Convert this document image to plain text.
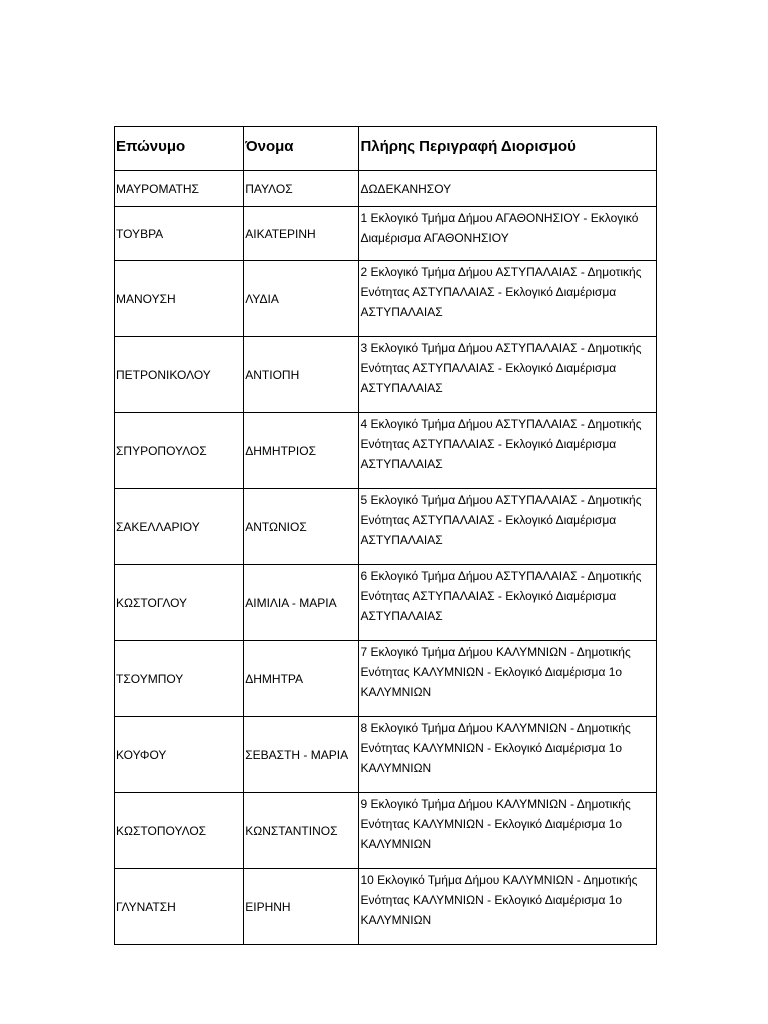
Επώνυμο	Όνομα	Πλήρης Περιγραφή Διορισμού
ΜΑΥΡΟΜΑΤΗΣ	ΠΑΥΛΟΣ	ΔΩΔΕΚΑΝΗΣΟΥ
ΤΟΥΒΡΑ	ΑΙΚΑΤΕΡΙΝΗ	1 Εκλογικό Τμήμα Δήμου ΑΓΑΘΟΝΗΣΙΟΥ - Εκλογικό Διαμέρισμα ΑΓΑΘΟΝΗΣΙΟΥ
ΜΑΝΟΥΣΗ	ΛΥΔΙΑ	2 Εκλογικό Τμήμα Δήμου ΑΣΤΥΠΑΛΑΙΑΣ - Δημοτικής Ενότητας ΑΣΤΥΠΑΛΑΙΑΣ - Εκλογικό Διαμέρισμα ΑΣΤΥΠΑΛΑΙΑΣ
ΠΕΤΡΟΝΙΚΟΛΟΥ	ΑΝΤΙΟΠΗ	3 Εκλογικό Τμήμα Δήμου ΑΣΤΥΠΑΛΑΙΑΣ - Δημοτικής Ενότητας ΑΣΤΥΠΑΛΑΙΑΣ - Εκλογικό Διαμέρισμα ΑΣΤΥΠΑΛΑΙΑΣ
ΣΠΥΡΟΠΟΥΛΟΣ	ΔΗΜΗΤΡΙΟΣ	4 Εκλογικό Τμήμα Δήμου ΑΣΤΥΠΑΛΑΙΑΣ - Δημοτικής Ενότητας ΑΣΤΥΠΑΛΑΙΑΣ - Εκλογικό Διαμέρισμα ΑΣΤΥΠΑΛΑΙΑΣ
ΣΑΚΕΛΛΑΡΙΟΥ	ΑΝΤΩΝΙΟΣ	5 Εκλογικό Τμήμα Δήμου ΑΣΤΥΠΑΛΑΙΑΣ - Δημοτικής Ενότητας ΑΣΤΥΠΑΛΑΙΑΣ - Εκλογικό Διαμέρισμα ΑΣΤΥΠΑΛΑΙΑΣ
ΚΩΣΤΟΓΛΟΥ	ΑΙΜΙΛΙΑ - ΜΑΡΙΑ	6 Εκλογικό Τμήμα Δήμου ΑΣΤΥΠΑΛΑΙΑΣ - Δημοτικής Ενότητας ΑΣΤΥΠΑΛΑΙΑΣ - Εκλογικό Διαμέρισμα ΑΣΤΥΠΑΛΑΙΑΣ
ΤΣΟΥΜΠΟΥ	ΔΗΜΗΤΡΑ	7 Εκλογικό Τμήμα Δήμου ΚΑΛΥΜΝΙΩΝ - Δημοτικής Ενότητας ΚΑΛΥΜΝΙΩΝ - Εκλογικό Διαμέρισμα 1ο ΚΑΛΥΜΝΙΩΝ
ΚΟΥΦΟΥ	ΣΕΒΑΣΤΗ - ΜΑΡΙΑ	8 Εκλογικό Τμήμα Δήμου ΚΑΛΥΜΝΙΩΝ - Δημοτικής Ενότητας ΚΑΛΥΜΝΙΩΝ - Εκλογικό Διαμέρισμα 1ο ΚΑΛΥΜΝΙΩΝ
ΚΩΣΤΟΠΟΥΛΟΣ	ΚΩΝΣΤΑΝΤΙΝΟΣ	9 Εκλογικό Τμήμα Δήμου ΚΑΛΥΜΝΙΩΝ - Δημοτικής Ενότητας ΚΑΛΥΜΝΙΩΝ - Εκλογικό Διαμέρισμα 1ο ΚΑΛΥΜΝΙΩΝ
ΓΛΥΝΑΤΣΗ	ΕΙΡΗΝΗ	10 Εκλογικό Τμήμα Δήμου ΚΑΛΥΜΝΙΩΝ - Δημοτικής Ενότητας ΚΑΛΥΜΝΙΩΝ - Εκλογικό Διαμέρισμα 1ο ΚΑΛΥΜΝΙΩΝ
